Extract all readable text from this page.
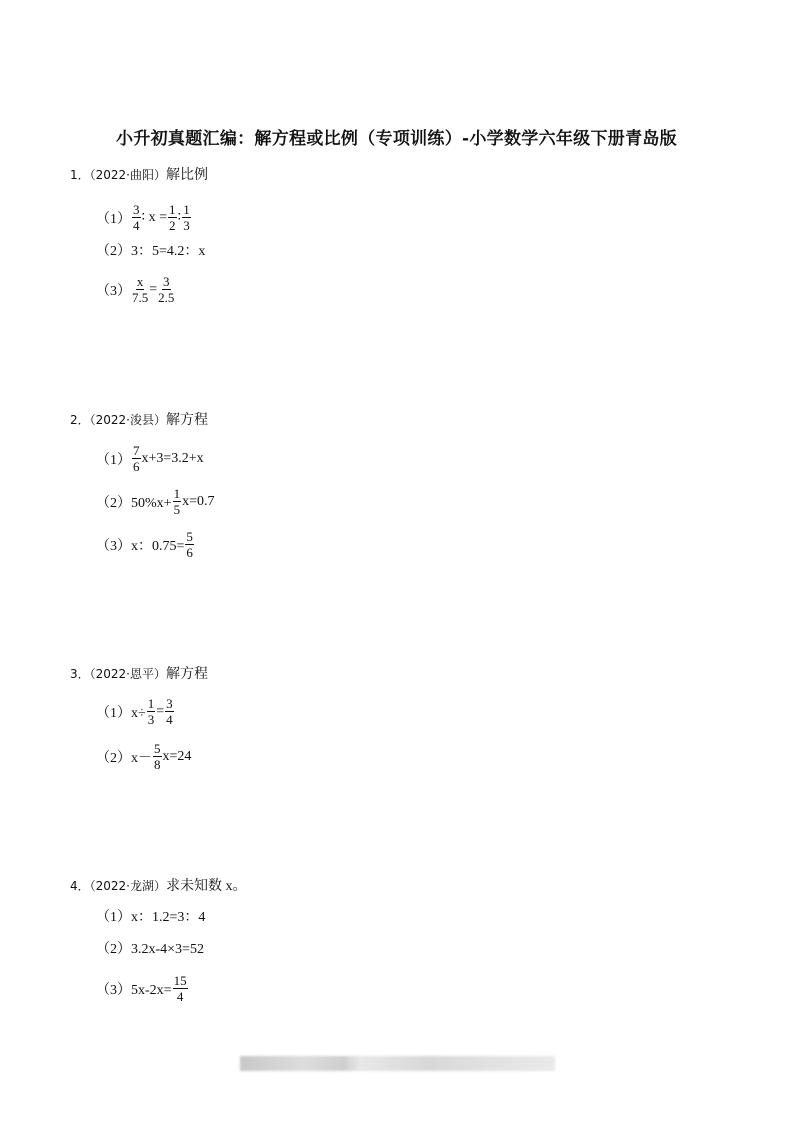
小升初真题汇编：解方程或比例（专项训练）-小学数学六年级下册青岛版
1．（2022·曲阳）解比例
$(1) \frac{3}{4}$ ∶ $x = \frac{1}{2}$ ∶ $\frac{1}{3}$
（2）3：5=4.2：x
$(3) \frac{x}{7.5} = \frac{3}{2.5}$
2．（2022·浚县）解方程
$(1) \frac{7}{6} x+3=3.2+x$
$(2)50\%x+ \frac{1}{5} x=0.7$
（3）x：$0.75= \frac{5}{6}$
3．（2022·恩平）解方程
$(1)x\div \frac{1}{3} = \frac{3}{4}$
$(2)x- \frac{5}{8} x=24$
4．（2022·龙湖）求未知数 x。
（1）x：1.2=3：4
（2）3.2x-4×3=52
$(3)5x-2x= \frac{15}{4}$
